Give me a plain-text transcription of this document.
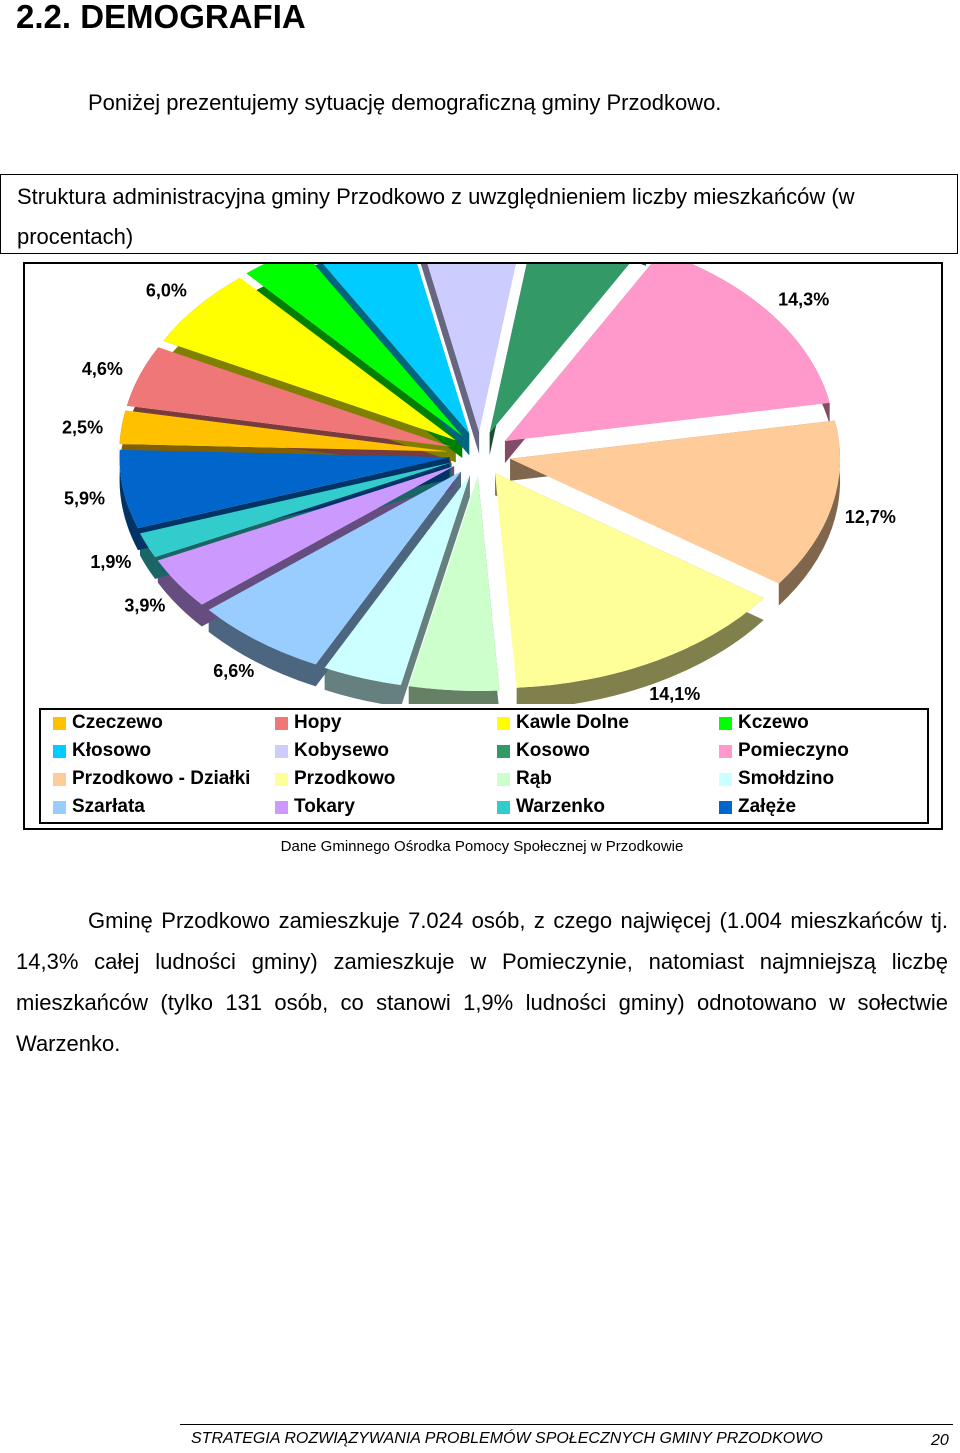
2.2. DEMOGRAFIA

Poniżej prezentujemy sytuację demograficzną gminy Przodkowo.

Struktura administracyjna gminy Przodkowo z uwzględnieniem liczby mieszkańców (w procentach)

2,5%
4,6%
6,0%	14,3%
12,7%
14,1%
6,6%
3,9%
1,9%
5,9%
Czeczewo	Hopy	Kawle Dolne	Kczewo
Kłosowo	Kobysewo	Kosowo	Pomieczyno
Przodkowo - Działki Przodkowo	Rąb	Smołdzino
Szarłata	Tokary	Warzenko	Załęże
Dane Gminnego Ośrodka Pomocy Społecznej w Przodkowie

Gminę Przodkowo zamieszkuje 7.024 osób, z czego najwięcej (1.004 mieszkańców tj. 14,3% całej ludności gminy) zamieszkuje w Pomieczynie, natomiast najmniejszą liczbę mieszkańców (tylko 131 osób, co stanowi 1,9% ludności gminy) odnotowano w sołectwie Warzenko.

STRATEGIA ROZWIĄZYWANIA PROBLEMÓW SPOŁECZNYCH GMINY PRZODKOWO	20
